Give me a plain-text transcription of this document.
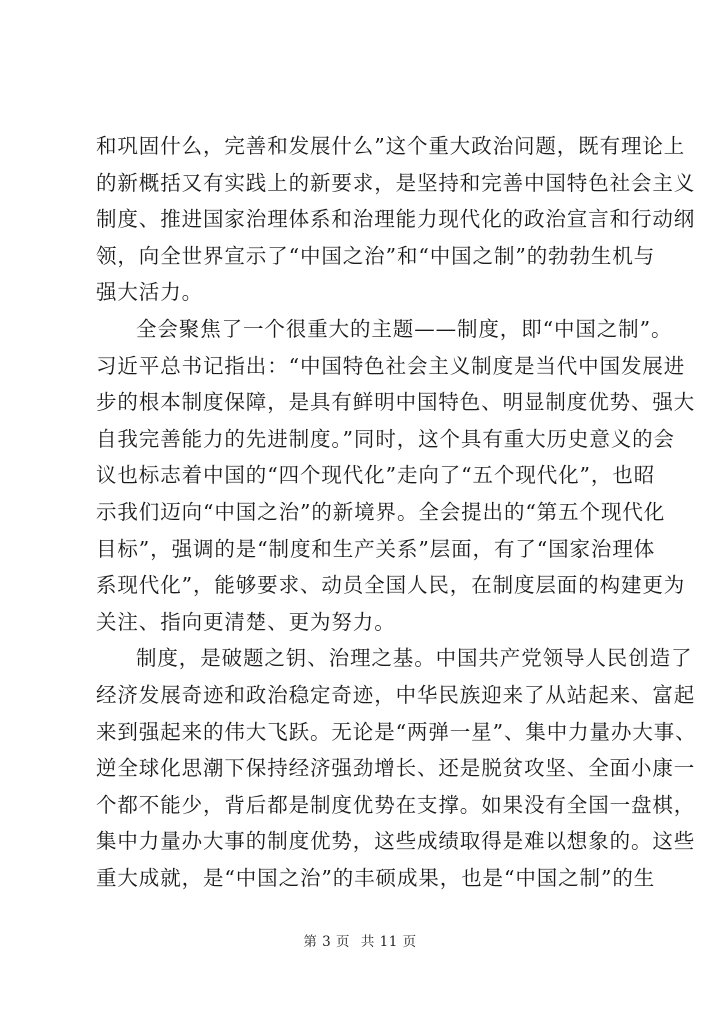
和巩固什么，完善和发展什么”这个重大政治问题，既有理论上
的新概括又有实践上的新要求，是坚持和完善中国特色社会主义
制度、推进国家治理体系和治理能力现代化的政治宣言和行动纲
领，向全世界宣示了“中国之治”和“中国之制”的勃勃生机与
强大活力。
全会聚焦了一个很重大的主题——制度，即“中国之制”。
习近平总书记指出：“中国特色社会主义制度是当代中国发展进
步的根本制度保障，是具有鲜明中国特色、明显制度优势、强大
自我完善能力的先进制度。”同时，这个具有重大历史意义的会
议也标志着中国的“四个现代化”走向了“五个现代化”，也昭
示我们迈向“中国之治”的新境界。全会提出的“第五个现代化
目标”，强调的是“制度和生产关系”层面，有了“国家治理体
系现代化”，能够要求、动员全国人民，在制度层面的构建更为
关注、指向更清楚、更为努力。
制度，是破题之钥、治理之基。中国共产党领导人民创造了
经济发展奇迹和政治稳定奇迹，中华民族迎来了从站起来、富起
来到强起来的伟大飞跃。无论是“两弹一星”、集中力量办大事、
逆全球化思潮下保持经济强劲增长、还是脱贫攻坚、全面小康一
个都不能少，背后都是制度优势在支撑。如果没有全国一盘棋，
集中力量办大事的制度优势，这些成绩取得是难以想象的。这些
重大成就，是“中国之治”的丰硕成果，也是“中国之制”的生
第 3 页 共 11 页
